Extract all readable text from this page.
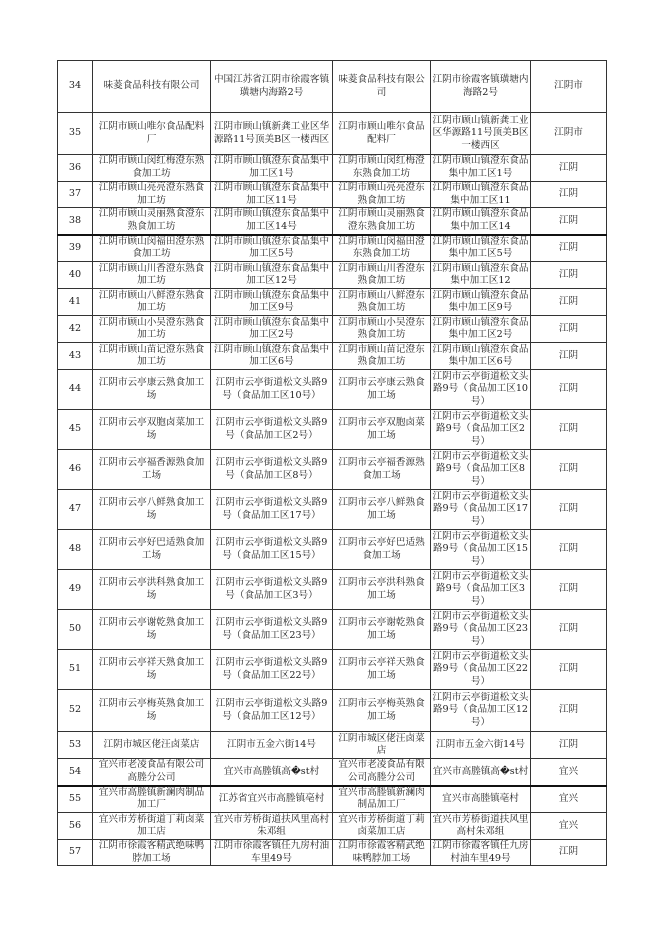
34	味菱食品科技有限公司	中国江苏省江阴市徐霞客镇璜塘内海路2号	味菱食品科技有限公司	江阴市徐霞客镇璜塘内海路2号	江阴市
35	江阴市顾山唯尔食品配料厂	江阴市顾山镇新龚工业区华源路11号顶美B区一楼西区	江阴市顾山唯尔食品配料厂	江阴市顾山镇新龚工业区华源路11号顶美B区一楼西区	江阴市
36	江阴市顾山闵红梅澄东熟食加工坊	江阴市顾山镇澄东食品集中加工区1号	江阴市顾山闵红梅澄东熟食加工坊	江阴市顾山镇澄东食品集中加工区1号	江阴
37	江阴市顾山亮亮澄东熟食加工坊	江阴市顾山镇澄东食品集中加工区11号	江阴市顾山亮亮澄东熟食加工坊	江阴市顾山镇澄东食品集中加工区11	江阴
38	江阴市顾山灵丽熟食澄东熟食加工坊	江阴市顾山镇澄东食品集中加工区14号	江阴市顾山灵丽熟食澄东熟食加工坊	江阴市顾山镇澄东食品集中加工区14	江阴
39	江阴市顾山闵福田澄东熟食加工坊	江阴市顾山镇澄东食品集中加工区5号	江阴市顾山闵福田澄东熟食加工坊	江阴市顾山镇澄东食品集中加工区5号	江阴
40	江阴市顾山川香澄东熟食加工坊	江阴市顾山镇澄东食品集中加工区12号	江阴市顾山川香澄东熟食加工坊	江阴市顾山镇澄东食品集中加工区12	江阴
41	江阴市顾山八鲜澄东熟食加工坊	江阴市顾山镇澄东食品集中加工区9号	江阴市顾山八鲜澄东熟食加工坊	江阴市顾山镇澄东食品集中加工区9号	江阴
42	江阴市顾山小吴澄东熟食加工坊	江阴市顾山镇澄东食品集中加工区2号	江阴市顾山小吴澄东熟食加工坊	江阴市顾山镇澄东食品集中加工区2号	江阴
43	江阴市顾山苗记澄东熟食加工坊	江阴市顾山镇澄东食品集中加工区6号	江阴市顾山苗记澄东熟食加工坊	江阴市顾山镇澄东食品集中加工区6号	江阴
44	江阴市云亭康云熟食加工场	江阴市云亭街道松文头路9号（食品加工区10号）	江阴市云亭康云熟食加工场	江阴市云亭街道松文头路9号（食品加工区10号）	江阴
45	江阴市云亭双胞卤菜加工场	江阴市云亭街道松文头路9号（食品加工区2号）	江阴市云亭双胞卤菜加工场	江阴市云亭街道松文头路9号（食品加工区2号）	江阴
46	江阴市云亭福香源熟食加工场	江阴市云亭街道松文头路9号（食品加工区8号）	江阴市云亭福香源熟食加工场	江阴市云亭街道松文头路9号（食品加工区8号）	江阴
47	江阴市云亭八鲜熟食加工场	江阴市云亭街道松文头路9号（食品加工区17号）	江阴市云亭八鲜熟食加工场	江阴市云亭街道松文头路9号（食品加工区17号）	江阴
48	江阴市云亭好巴适熟食加工场	江阴市云亭街道松文头路9号（食品加工区15号）	江阴市云亭好巴适熟食加工场	江阴市云亭街道松文头路9号（食品加工区15号）	江阴
49	江阴市云亭洪科熟食加工场	江阴市云亭街道松文头路9号（食品加工区3号）	江阴市云亭洪科熟食加工场	江阴市云亭街道松文头路9号（食品加工区3号）	江阴
50	江阴市云亭谢乾熟食加工场	江阴市云亭街道松文头路9号（食品加工区23号）	江阴市云亭谢乾熟食加工场	江阴市云亭街道松文头路9号（食品加工区23号）	江阴
51	江阴市云亭祥天熟食加工场	江阴市云亭街道松文头路9号（食品加工区22号）	江阴市云亭祥天熟食加工场	江阴市云亭街道松文头路9号（食品加工区22号）	江阴
52	江阴市云亭梅英熟食加工场	江阴市云亭街道松文头路9号（食品加工区12号）	江阴市云亭梅英熟食加工场	江阴市云亭街道松文头路9号（食品加工区12号）	江阴
53	江阴市城区佬汪卤菜店	江阴市五金六街14号	江阴市城区佬汪卤菜店	江阴市五金六街14号	江阴
54	宜兴市老凌食品有限公司高塍分公司	宜兴市高塍镇高�st村	宜兴市老凌食品有限公司高塍分公司	宜兴市高塍镇高�st村	宜兴
55	宜兴市高塍镇新澜肉制品加工厂	江苏省宜兴市高塍镇亳村	宜兴市高塍镇新澜肉制品加工厂	宜兴市高塍镇亳村	宜兴
56	宜兴市芳桥街道丁莉卤菜加工店	宜兴市芳桥街道扶风里高村朱邓组	宜兴市芳桥街道丁莉卤菜加工店	宜兴市芳桥街道扶风里高村朱邓组	宜兴
57	江阴市徐霞客精武绝味鸭脖加工场	江阴市徐霞客镇任九房村油车里49号	江阴市徐霞客精武绝味鸭脖加工场	江阴市徐霞客镇任九房村油车里49号	江阴
